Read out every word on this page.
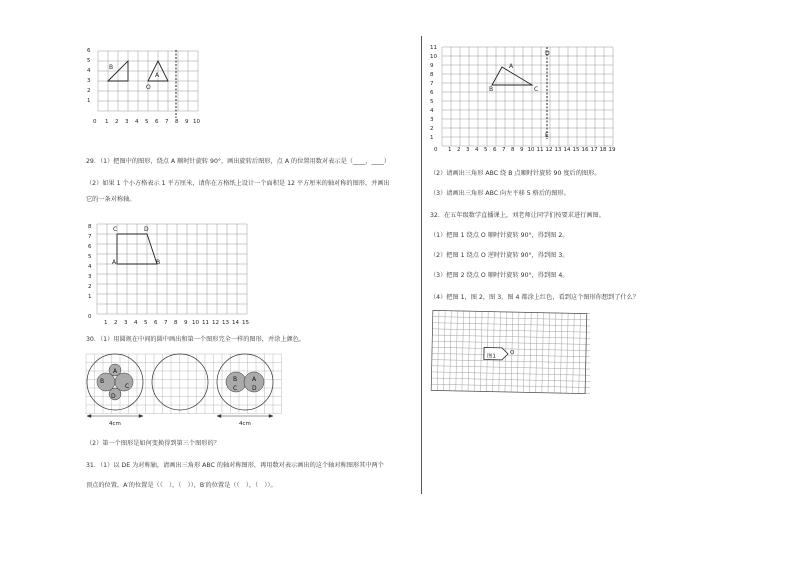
6
5
4
3
2
1
0 1 2 3 4 5 6 7 8 9 10
B
A
O
29．（1）把图中的图形，绕点 A 顺时针旋转 90°，画出旋转后图形，点 A 的位置用数对表示是（____，____）
（2）如果 1 个小方格表示 1 平方厘米，请你在方格纸上设计一个面积是 12 平方厘米的轴对称的图形，并画出
它的一条对称轴。
8
7
6
5
4
3
2
1
0
1 2 3 4 5 6 7 8 9 10 11 12 13 14 15
C	D
A	B
30．（1）用圆规在中间的圆中画出和第一个图形完全一样的图形，并涂上颜色。
A
B
C
D
B A
C D
4cm	4cm
（2）第一个图形是如何变换得到第三个图形的？
31．（1）以 DE 为对称轴，请画出三角形 ABC 的轴对称图形，再用数对表示画出的这个轴对称图形其中两个
顶点的位置，A′的位置是（（　），（　）），B′的位置是（（　），（　））。
11
10
9
8
7
6
5
4
3
2
1
0 1 2 3 4 5 6 7 8 9 10 11 12 13 14 15 16 17 18 19
A
B	C
D
E
（2）请画出三角形 ABC 绕 B 点顺时针旋转 90 度后的图形。
（3）请画出三角形 ABC 向左平移 5 格后的图形。
32．在五年级数学直播课上，刘老师让同学们按要求进行画图。
（1）把图 1 绕点 O 顺时针旋转 90°，得到图 2。
（2）把图 1 绕点 O 逆时针旋转 90°，得到图 3。
（3）把图 2 绕点 O 顺时针旋转 90°，得到图 4。
（4）把图 1，图 2，图 3，图 4 都涂上红色，看到这个图形你想到了什么？
图1
O
